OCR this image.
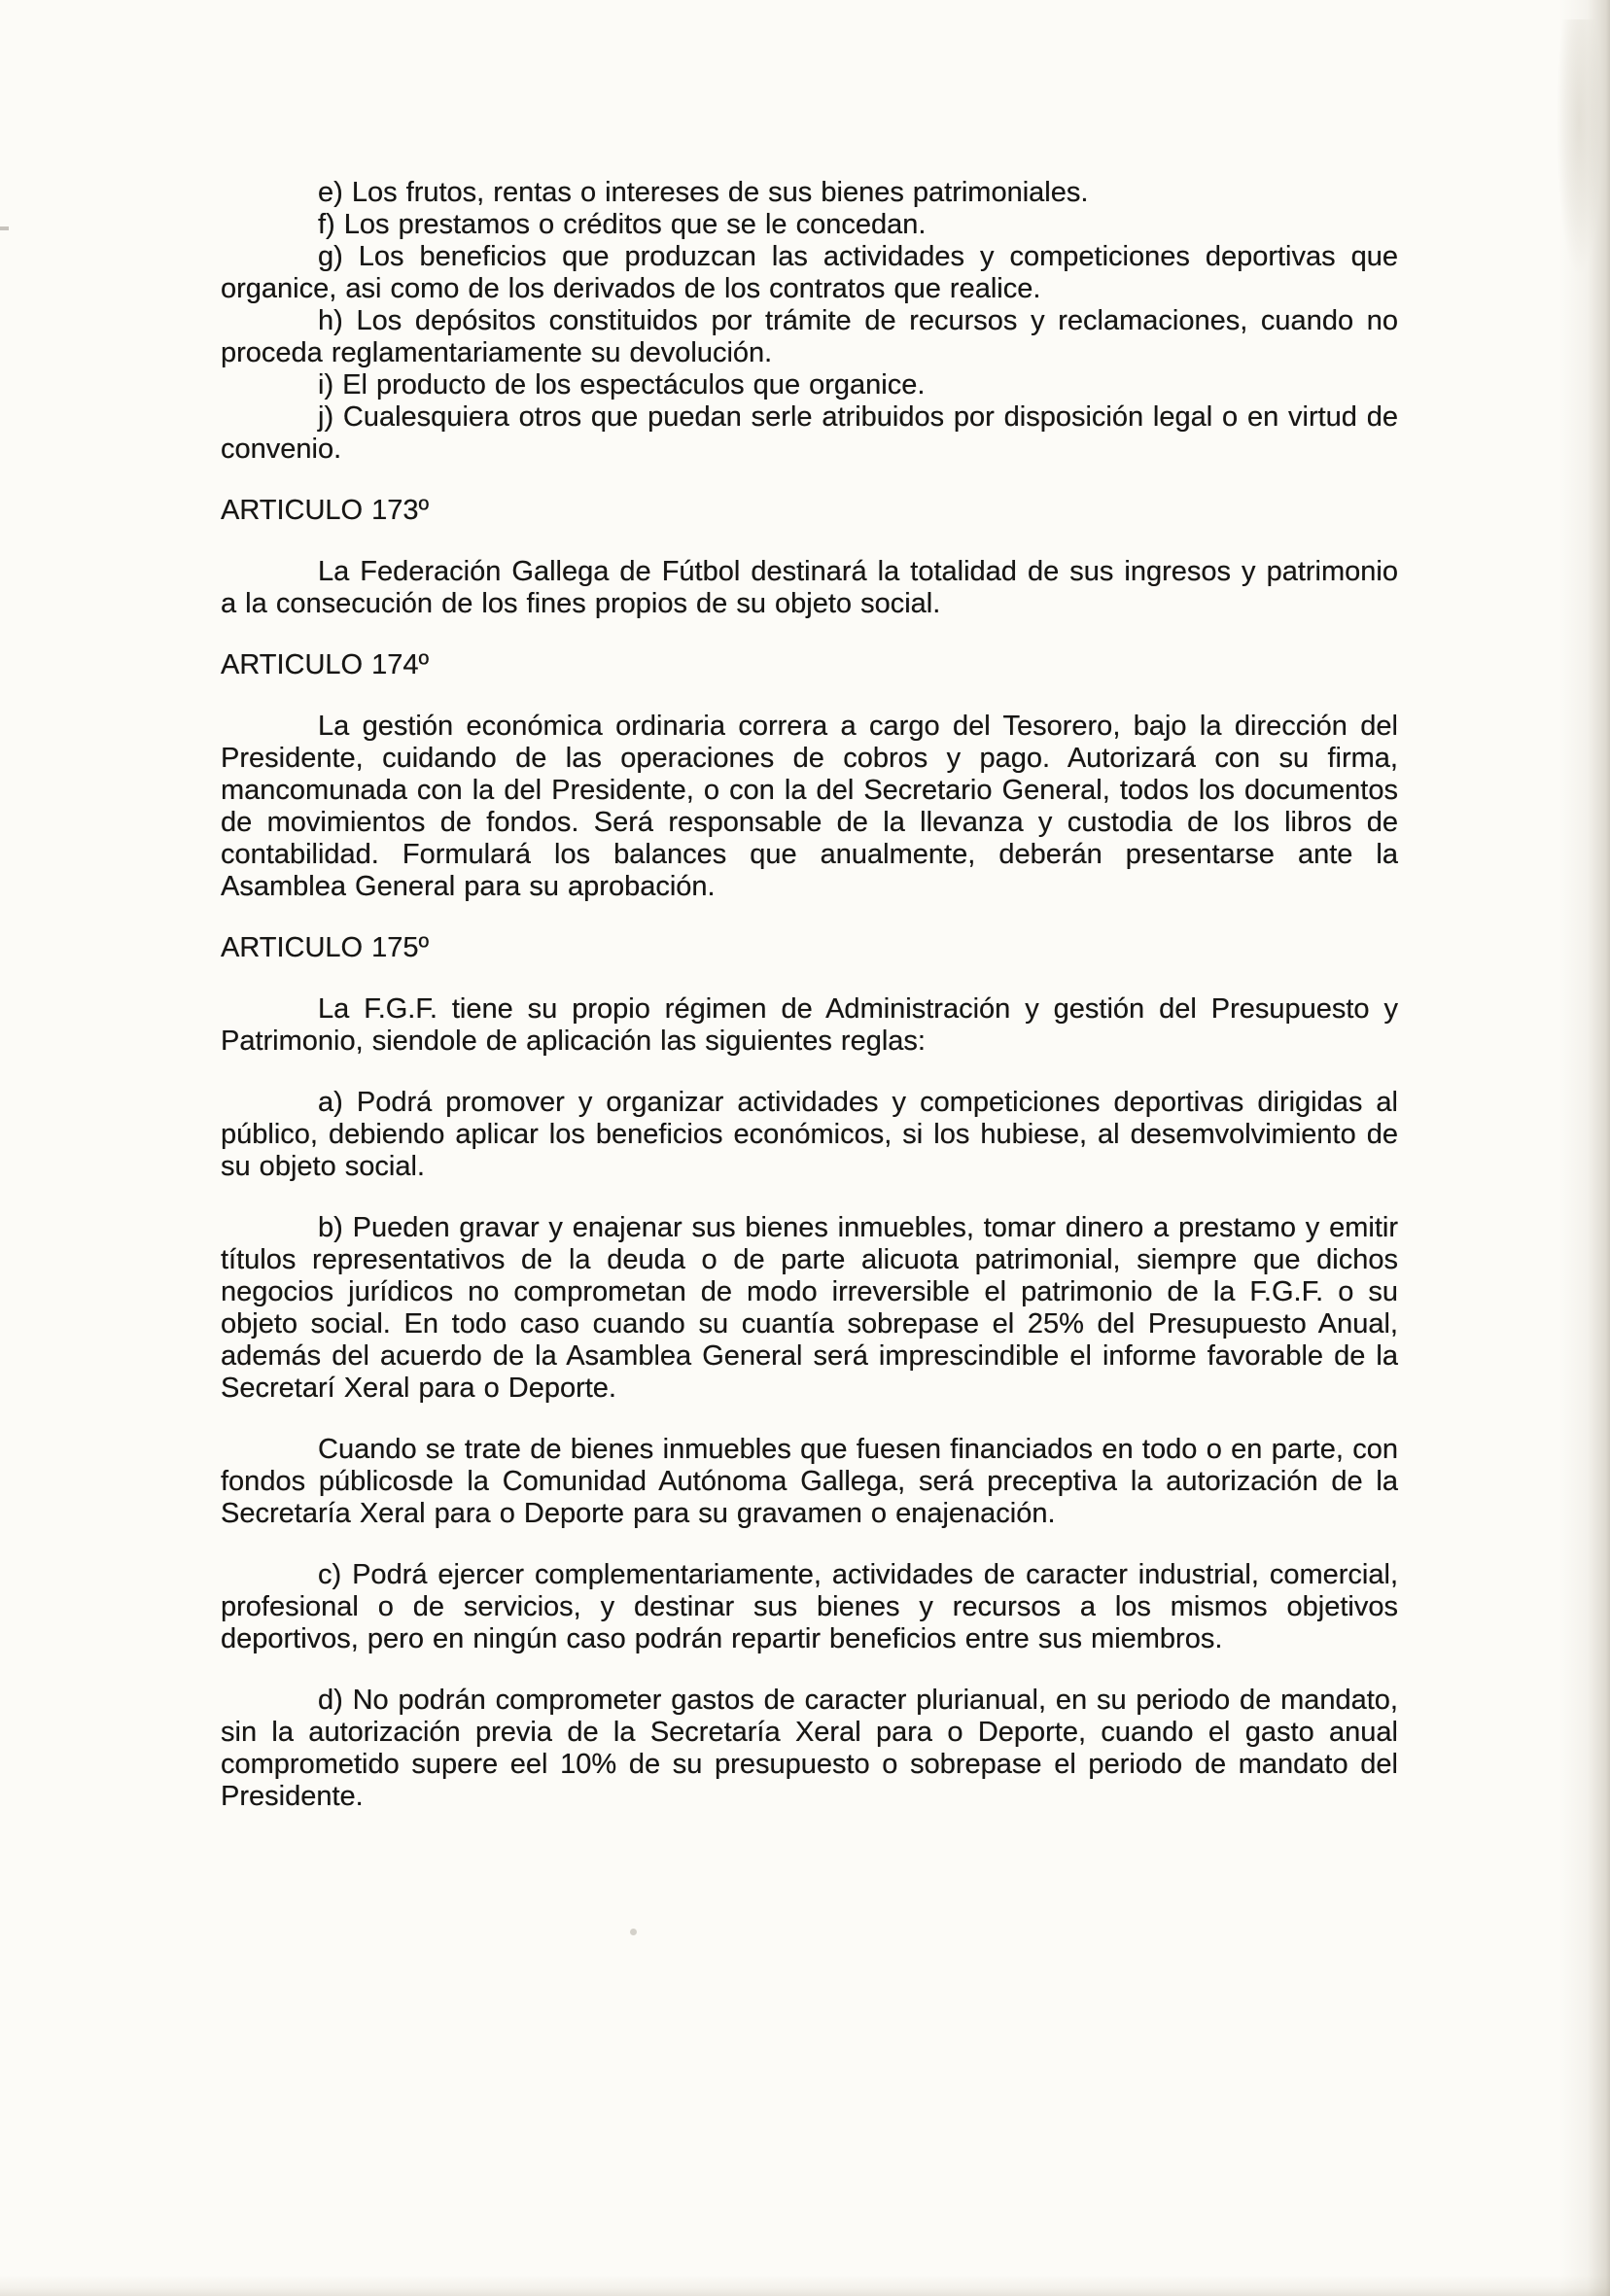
e) Los frutos, rentas o intereses de sus bienes patrimoniales.

f) Los prestamos o créditos que se le concedan.

g) Los beneficios que produzcan las actividades y competiciones deportivas que organice, asi como de los derivados de los contratos que realice.

h) Los depósitos constituidos por trámite de recursos y reclamaciones, cuando no proceda reglamentariamente su devolución.

i) El producto de los espectáculos que organice.

j) Cualesquiera otros que puedan serle atribuidos por disposición legal o en virtud de convenio.

ARTICULO 173º

La Federación Gallega de Fútbol destinará la totalidad de sus ingresos y patrimonio a la consecución de los fines propios de su objeto social.

ARTICULO 174º

La gestión económica ordinaria correra a cargo del Tesorero, bajo la dirección del Presidente, cuidando de las operaciones de cobros y pago. Autorizará con su firma, mancomunada con la del Presidente, o con la del Secretario General, todos los documentos de movimientos de fondos. Será responsable de la llevanza y custodia de los libros de contabilidad. Formulará los balances que anualmente, deberán presentarse ante la Asamblea General para su aprobación.

ARTICULO 175º

La F.G.F. tiene su propio régimen de Administración y gestión del Presupuesto y Patrimonio, siendole de aplicación las siguientes reglas:

a) Podrá promover y organizar actividades y competiciones deportivas dirigidas al público, debiendo aplicar los beneficios económicos, si los hubiese, al desemvolvimiento de su objeto social.

b) Pueden gravar y enajenar sus bienes inmuebles, tomar dinero a prestamo y emitir títulos representativos de la deuda o de parte alicuota patrimonial, siempre que dichos negocios jurídicos no comprometan de modo irreversible el patrimonio de la F.G.F. o su objeto social. En todo caso cuando su cuantía sobrepase el 25% del Presupuesto Anual, además del acuerdo de la Asamblea General será imprescindible el informe favorable de la Secretarí Xeral para o Deporte.

Cuando se trate de bienes inmuebles que fuesen financiados en todo o en parte, con fondos públicosde la Comunidad Autónoma Gallega, será preceptiva la autorización de la Secretaría Xeral para o Deporte para su gravamen o enajenación.

c) Podrá ejercer complementariamente, actividades de caracter industrial, comercial, profesional o de servicios, y destinar sus bienes y recursos a los mismos objetivos deportivos, pero en ningún caso podrán repartir beneficios entre sus miembros.

d) No podrán comprometer gastos de caracter plurianual, en su periodo de mandato, sin la autorización previa de la Secretaría Xeral para o Deporte, cuando el gasto anual comprometido supere eel 10% de su presupuesto o sobrepase el periodo de mandato del Presidente.
